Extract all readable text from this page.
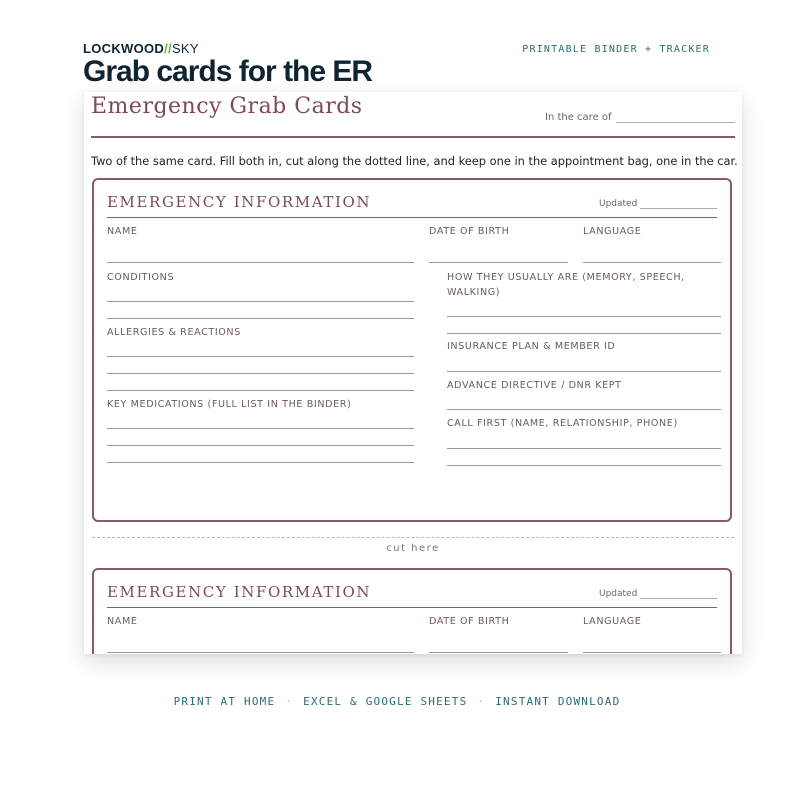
LOCKWOOD//SKY	PRINTABLE BINDER + TRACKER
Grab cards for the ER
Emergency Grab Cards	In the care of

Two of the same card. Fill both in, cut along the dotted line, and keep one in the appointment bag, one in the car.

EMERGENCY INFORMATION	Updated

NAME	DATE OF BIRTH	LANGUAGE

CONDITIONS

ALLERGIES & REACTIONS

KEY MEDICATIONS (FULL LIST IN THE BINDER)

HOW THEY USUALLY ARE (MEMORY, SPEECH, WALKING)

INSURANCE PLAN & MEMBER ID

ADVANCE DIRECTIVE / DNR KEPT

CALL FIRST (NAME, RELATIONSHIP, PHONE)

cut here
EMERGENCY INFORMATION	Updated

NAME	DATE OF BIRTH	LANGUAGE

PRINT AT HOME · EXCEL & GOOGLE SHEETS · INSTANT DOWNLOAD
